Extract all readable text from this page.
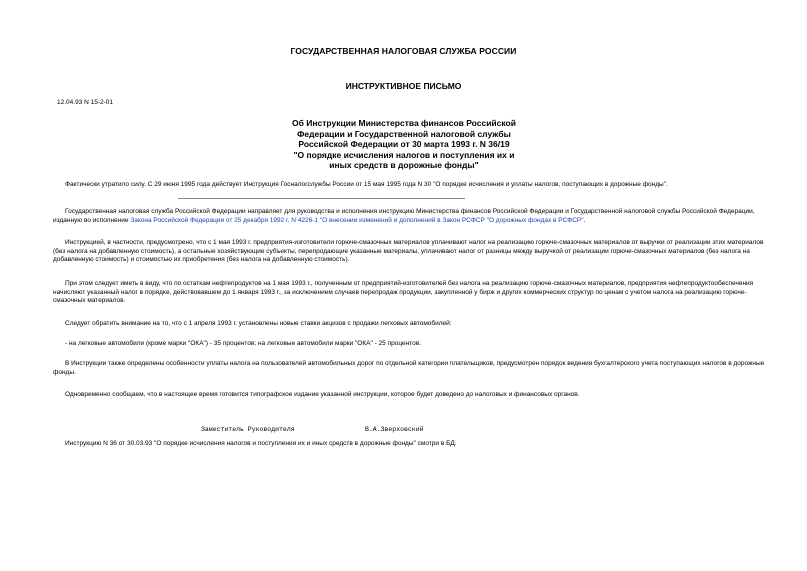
ГОСУДАРСТВЕННАЯ НАЛОГОВАЯ СЛУЖБА РОССИИ
ИНСТРУКТИВНОЕ ПИСЬМО
12.04.93 N 15-2-01
Об Инструкции Министерства финансов Российской
Федерации и Государственной налоговой службы
Российской Федерации от 30 марта 1993 г. N 36/19
"О порядке исчисления налогов и поступления их и
иных средств в дорожные фонды"
Фактически утратило силу. С 29 июня 1995 года действует Инструкция Госналогслужбы России от 15 мая 1995 года N 30 "О порядке исчисления и уплаты налогов, поступающих в дорожные фонды".
Государственная налоговая служба Российской Федерации направляет для руководства и исполнения инструкцию Министерства финансов Российской Федерации и Государственной налоговой службы Российской Федерации, изданную во исполнение Закона Российской Федерации от 25 декабря 1992 г. N 4226-1 "О внесении изменений и дополнений в Закон РСФСР "О дорожных фондах в РСФСР".
Инструкцией, в частности, предусмотрено, что с 1 мая 1993 г. предприятия-изготовители горюче-смазочных материалов уплачивают налог на реализацию горюче-смазочных материалов от выручки от реализации этих материалов (без налога на добавленную стоимость), а остальные хозяйствующие субъекты, перепродающие указанные материалы, уплачивают налог от разницы между выручкой от реализации горюче-смазочных материалов (без налога на добавленную стоимость) и стоимостью их приобретения (без налога на добавленную стоимость).
При этом следует иметь в виду, что по остаткам нефтепродуктов на 1 мая 1993 г., полученным от предприятий-изготовителей без налога на реализацию горюче-смазочных материалов, предприятия нефтепродуктообеспечения начисляют указанный налог в порядке, действовавшем до 1 января 1993 г., за исключением случаев перепродаж продукции, закупленной у бирж и других коммерческих структур по ценам с учетом налога на реализацию горюче-смазочных материалов.
Следует обратить внимание на то, что с 1 апреля 1993 г. установлены новые ставки акцизов с продажи легковых автомобилей:
- на легковые автомобили (кроме марки "ОКА") - 35 процентов; на легковые автомобили марки "ОКА" - 25 процентов.
В Инструкции также определены особенности уплаты налога на пользователей автомобильных дорог по отдельной категории плательщиков, предусмотрен порядок ведения бухгалтерского учета поступающих налогов в дорожные фонды.
Одновременно сообщаем, что в настоящее время готовится типографское издание указанной инструкции, которое будет доведено до налоговых и финансовых органов.
Заместитель Руководителя	В.А.Зверховский
Инструкцию N 36 от 30.03.93 "О порядке исчисления налогов и поступления их и иных средств в дорожные фонды" смотри в БД.
